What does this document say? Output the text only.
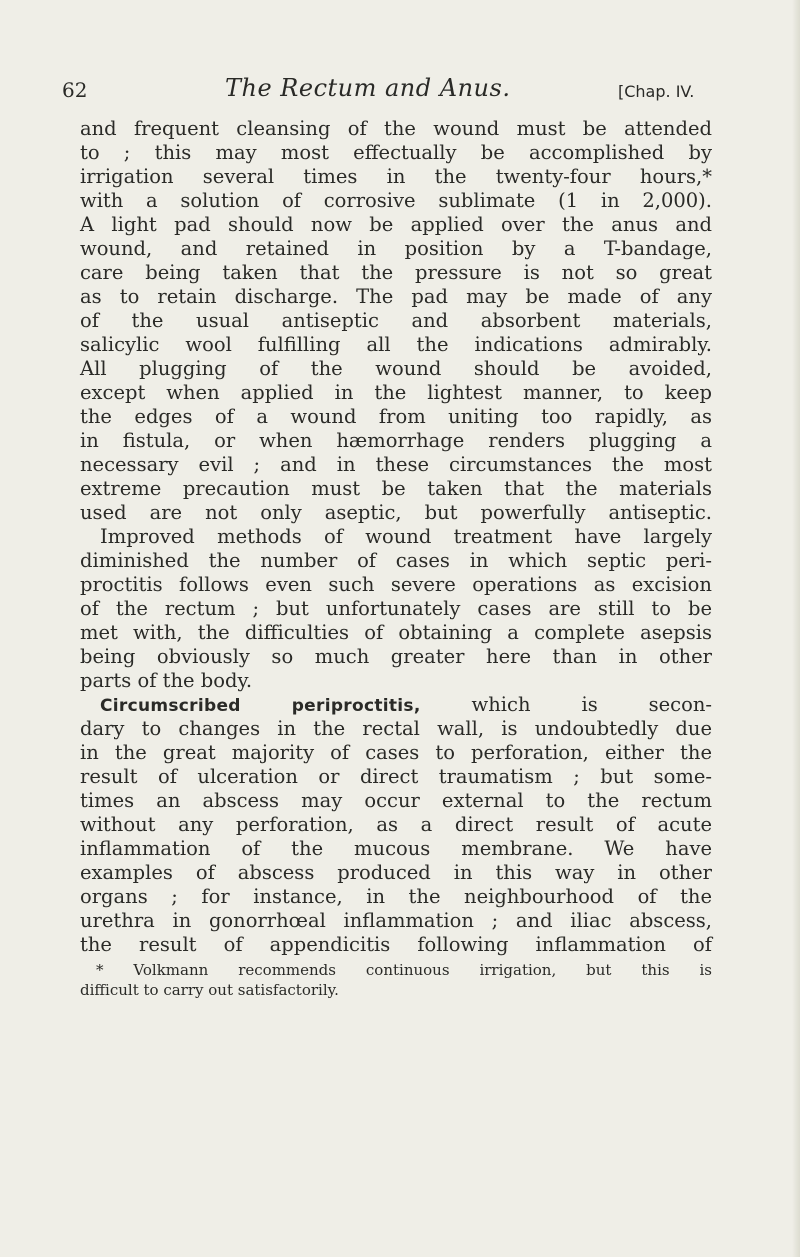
62	The Rectum and Anus.	[Chap. IV.
and frequent cleansing of the wound must be attended
to ; this may most effectually be accomplished by
irrigation several times in the twenty-four hours,*
with a solution of corrosive sublimate (1 in 2,000).
A light pad should now be applied over the anus and
wound, and retained in position by a T-bandage,
care being taken that the pressure is not so great
as to retain discharge. The pad may be made of any
of the usual antiseptic and absorbent materials,
salicylic wool fulfilling all the indications admirably.
All plugging of the wound should be avoided,
except when applied in the lightest manner, to keep
the edges of a wound from uniting too rapidly, as
in fistula, or when hæmorrhage renders plugging a
necessary evil ; and in these circumstances the most
extreme precaution must be taken that the materials
used are not only aseptic, but powerfully antiseptic.
Improved methods of wound treatment have largely
diminished the number of cases in which septic peri-
proctitis follows even such severe operations as excision
of the rectum ; but unfortunately cases are still to be
met with, the difficulties of obtaining a complete asepsis
being obviously so much greater here than in other
parts of the body.
Circumscribed periproctitis, which is secon-
dary to changes in the rectal wall, is undoubtedly due
in the great majority of cases to perforation, either the
result of ulceration or direct traumatism ; but some-
times an abscess may occur external to the rectum
without any perforation, as a direct result of acute
inflammation of the mucous membrane. We have
examples of abscess produced in this way in other
organs ; for instance, in the neighbourhood of the
urethra in gonorrhœal inflammation ; and iliac abscess,
the result of appendicitis following inflammation of
* Volkmann recommends continuous irrigation, but this is
difficult to carry out satisfactorily.
